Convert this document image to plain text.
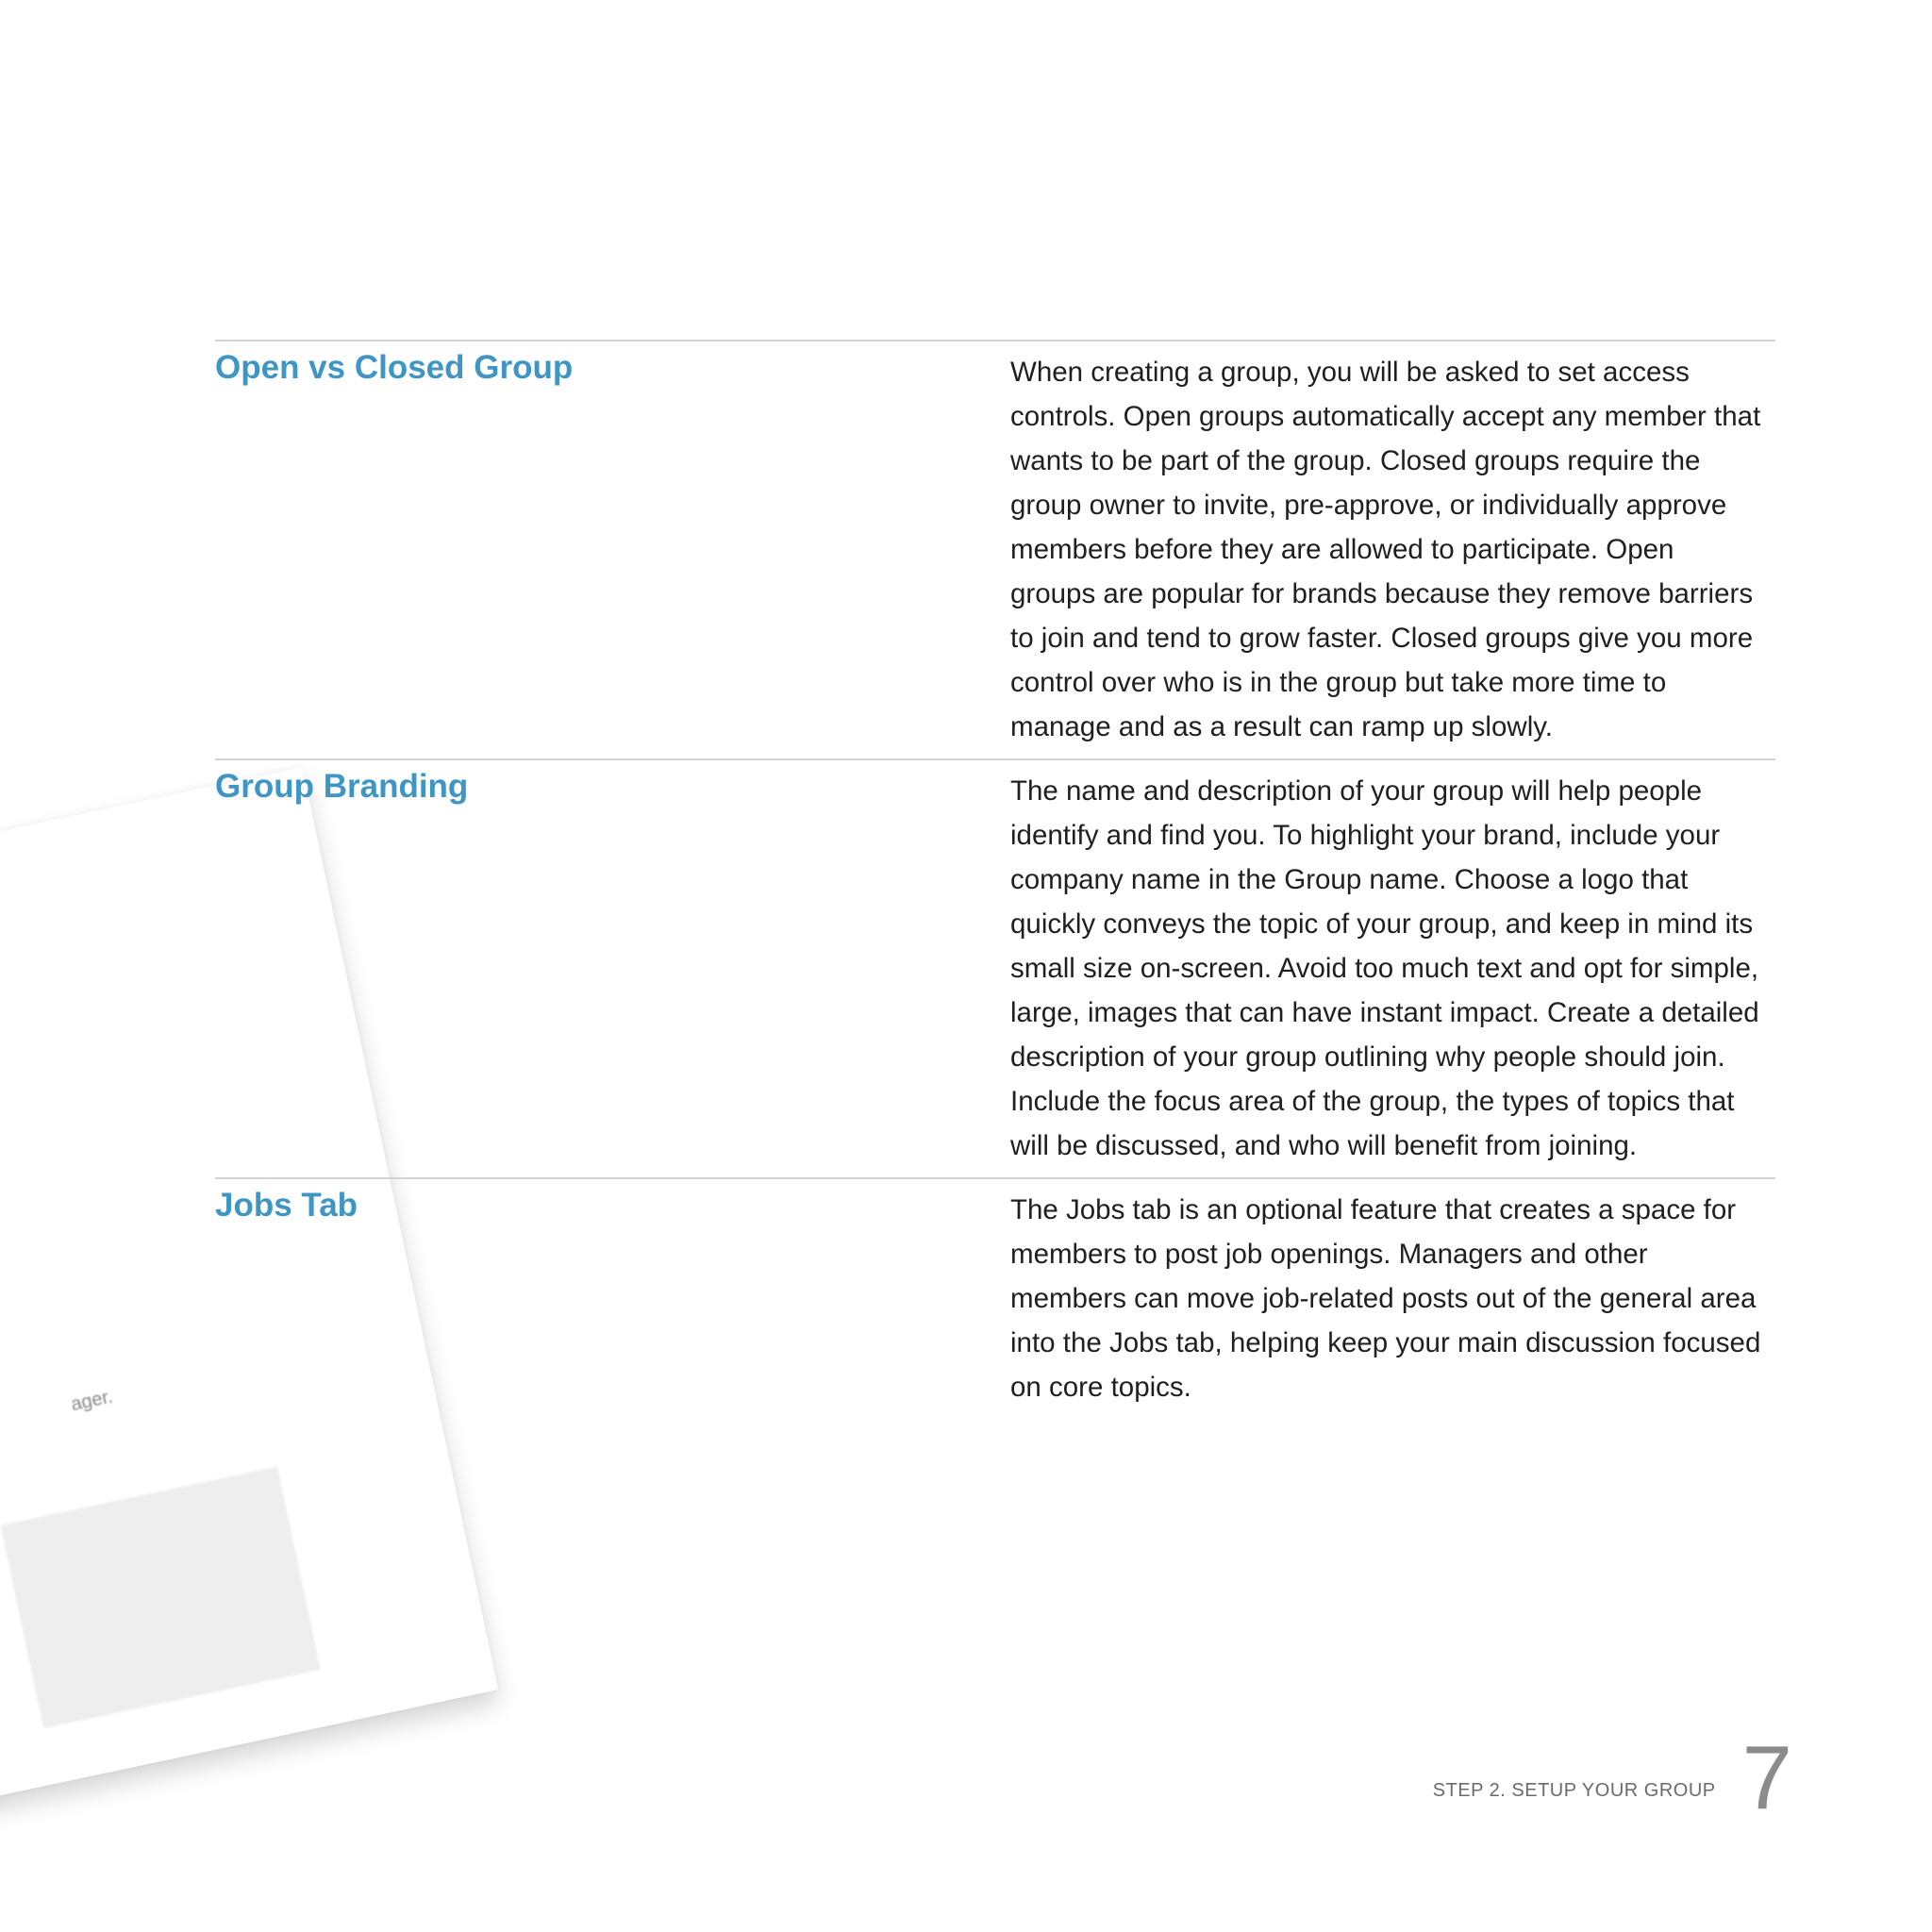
ager.
Open vs Closed Group	When creating a group, you will be asked to set access controls. Open groups automatically accept any member that wants to be part of the group. Closed groups require the group owner to invite, pre-approve, or individually approve members before they are allowed to participate. Open groups are popular for brands because they remove barriers to join and tend to grow faster. Closed groups give you more control over who is in the group but take more time to manage and as a result can ramp up slowly.

Group Branding	The name and description of your group will help people identify and find you. To highlight your brand, include your company name in the Group name. Choose a logo that quickly conveys the topic of your group, and keep in mind its small size on-screen. Avoid too much text and opt for simple, large, images that can have instant impact. Create a detailed description of your group outlining why people should join. Include the focus area of the group, the types of topics that will be discussed, and who will benefit from joining.

Jobs Tab	The Jobs tab is an optional feature that creates a space for members to post job openings. Managers and other members can move job-related posts out of the general area into the Jobs tab, helping keep your main discussion focused on core topics.

STEP 2. SETUP YOUR GROUP 7
